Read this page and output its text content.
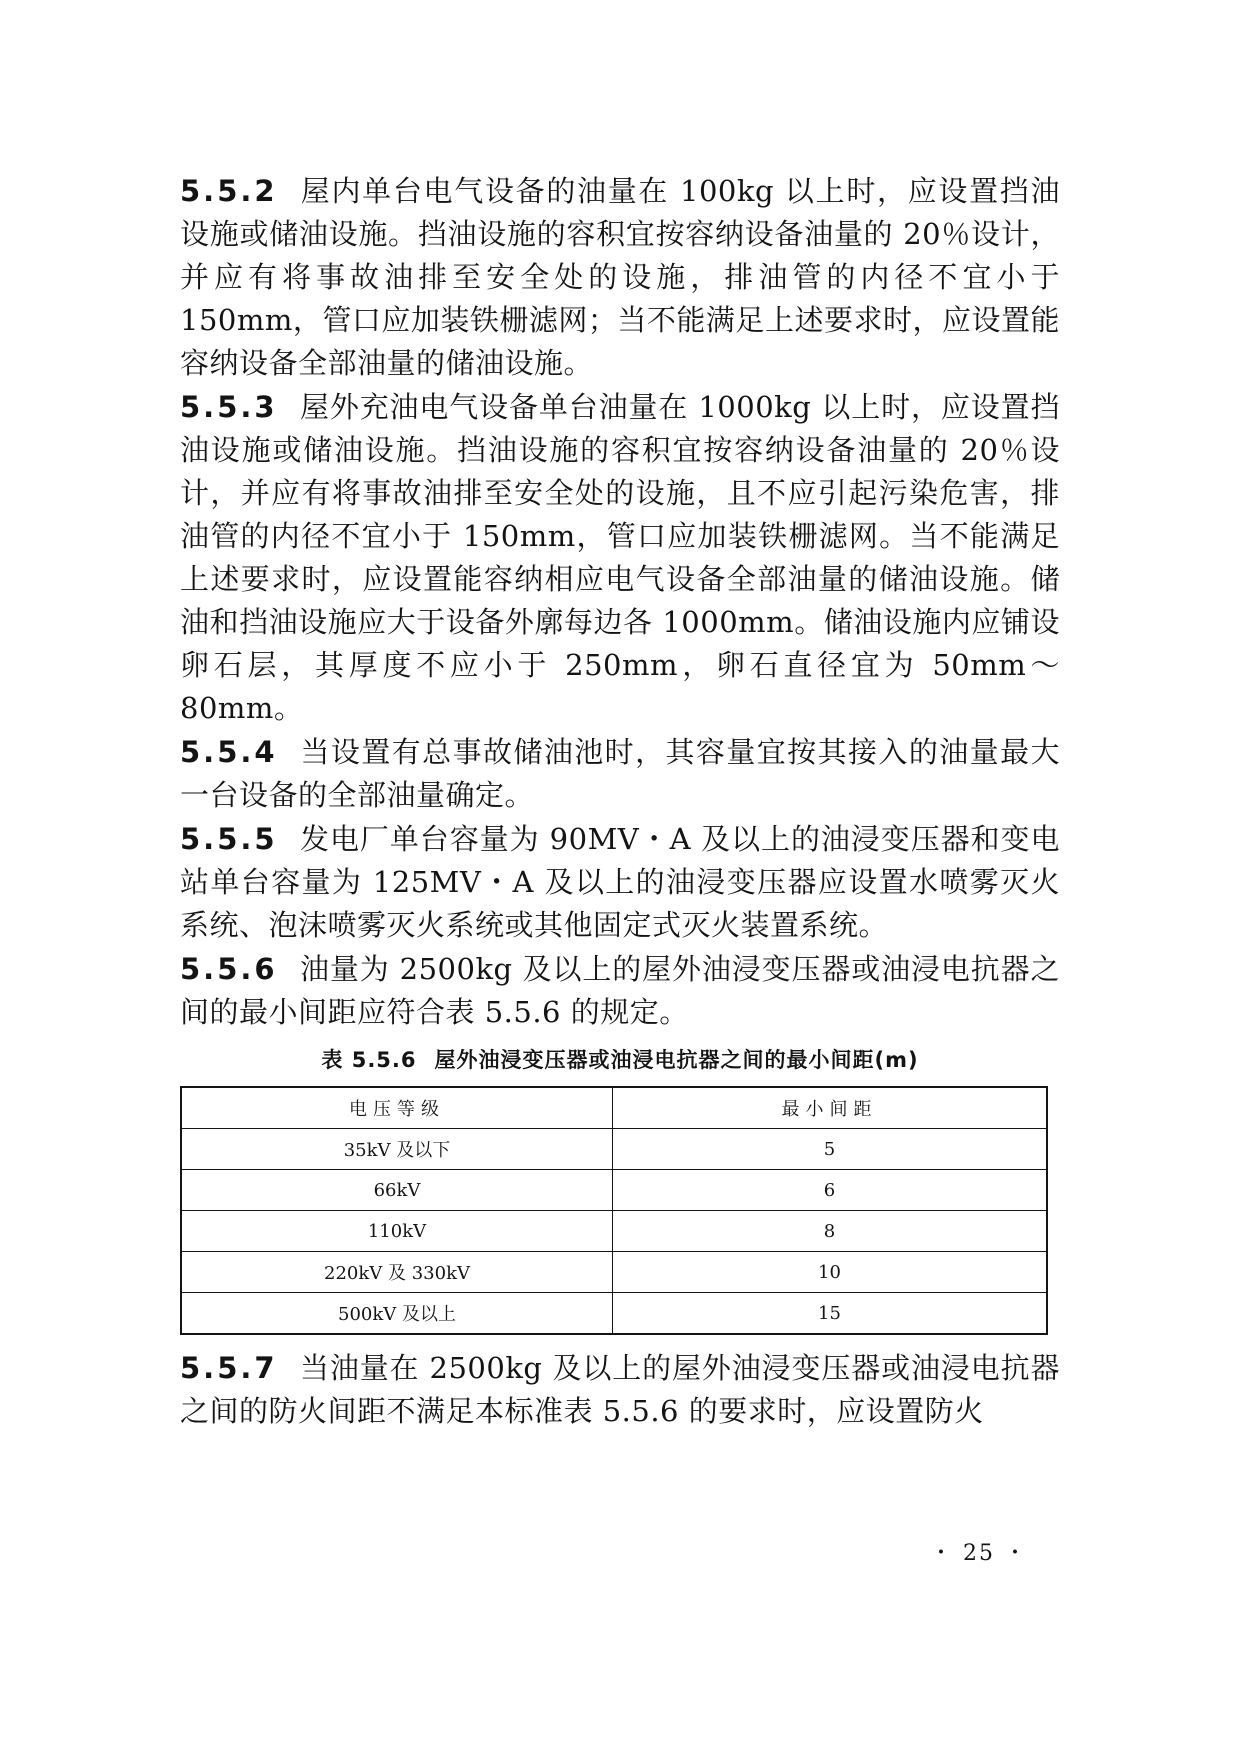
5.5.2 屋内单台电气设备的油量在 100kg 以上时，应设置挡油设施或储油设施。挡油设施的容积宜按容纳设备油量的 20％设计，并应有将事故油排至安全处的设施，排油管的内径不宜小于 150mm，管口应加装铁栅滤网；当不能满足上述要求时，应设置能容纳设备全部油量的储油设施。

5.5.3 屋外充油电气设备单台油量在 1000kg 以上时，应设置挡油设施或储油设施。挡油设施的容积宜按容纳设备油量的 20％设计，并应有将事故油排至安全处的设施，且不应引起污染危害，排油管的内径不宜小于 150mm，管口应加装铁栅滤网。当不能满足上述要求时，应设置能容纳相应电气设备全部油量的储油设施。储油和挡油设施应大于设备外廓每边各 1000mm。储油设施内应铺设卵石层，其厚度不应小于 250mm，卵石直径宜为 50mm～80mm。

5.5.4 当设置有总事故储油池时，其容量宜按其接入的油量最大一台设备的全部油量确定。

5.5.5 发电厂单台容量为 90MV・A 及以上的油浸变压器和变电站单台容量为 125MV・A 及以上的油浸变压器应设置水喷雾灭火系统、泡沫喷雾灭火系统或其他固定式灭火装置系统。

5.5.6 油量为 2500kg 及以上的屋外油浸变压器或油浸电抗器之间的最小间距应符合表 5.5.6 的规定。

表 5.5.6 屋外油浸变压器或油浸电抗器之间的最小间距(m)
电压等级	最小间距
35kV 及以下	5
66kV	6
110kV	8
220kV 及 330kV	10
500kV 及以上	15

5.5.7 当油量在 2500kg 及以上的屋外油浸变压器或油浸电抗器之间的防火间距不满足本标准表 5.5.6 的要求时，应设置防火

・ 25 ・
